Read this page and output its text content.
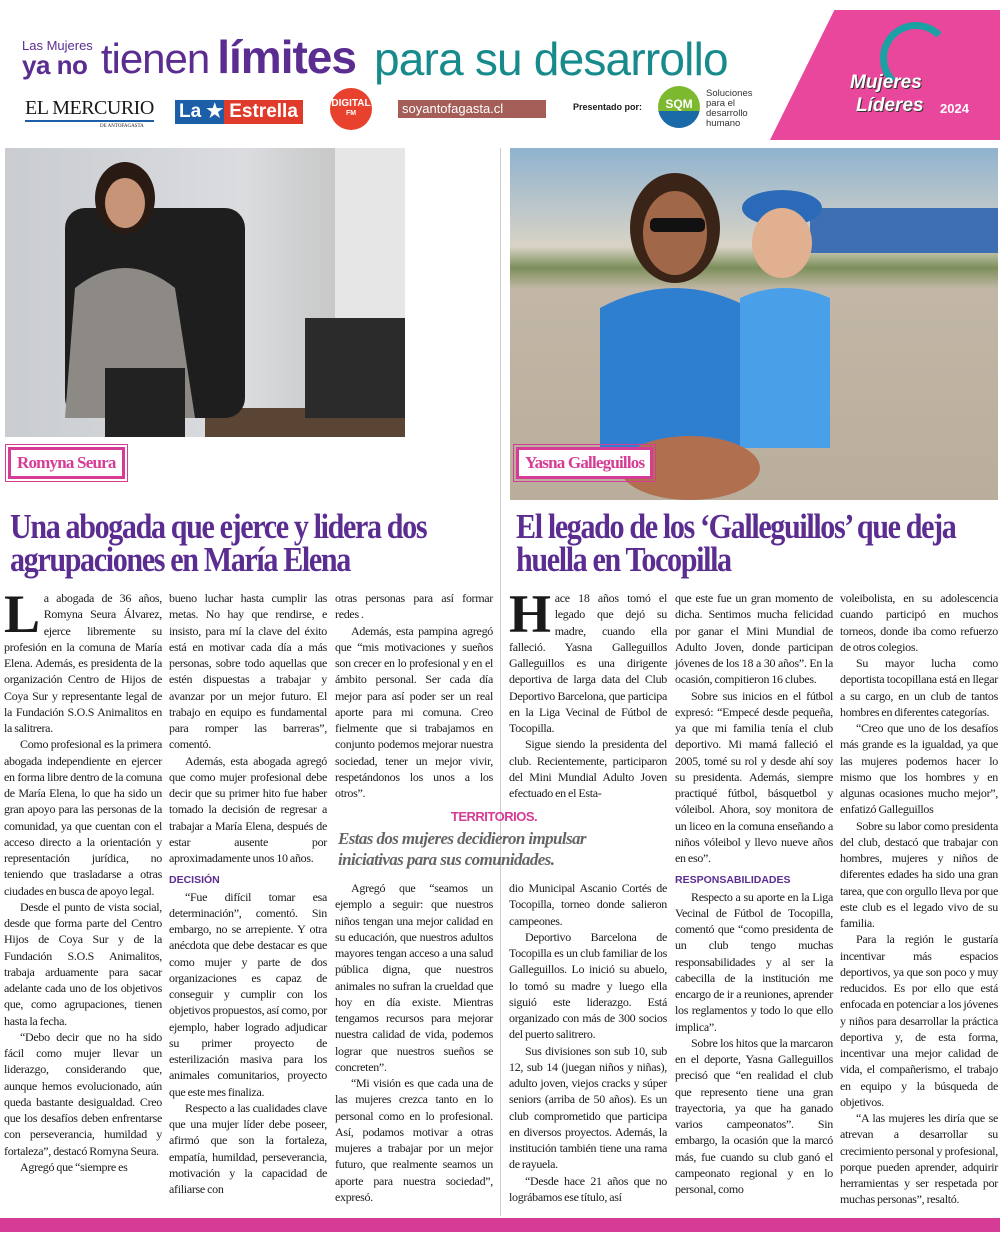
Las Mujeres
ya no tienen límites para su desarrollo
EL MERCURIO
DE ANTOFAGASTA
La ★ Estrella	DIGITAL
FM	soyantofagasta.cl	Presentado por:	SQM
Soluciones para el desarrollo humano
Mujeres
Líderes 2024
Romyna Seura	Yasna Galleguillos
Una abogada que ejerce y lidera dos agrupaciones en María Elena
El legado de los ‘Galleguillos’ que deja huella en Tocopilla

La abogada de 36 años, Romyna Seura Álvarez, ejerce libremente su profesión en la comuna de María Elena. Además, es presidenta de la organización Centro de Hijos de Coya Sur y representante legal de la Fundación S.O.S Animalitos en la salitrera.

Como profesional es la primera abogada independiente en ejercer en forma libre dentro de la comuna de María Elena, lo que ha sido un gran apoyo para las personas de la comunidad, ya que cuentan con el acceso directo a la orientación y representación jurídica, no teniendo que trasladarse a otras ciudades en busca de apoyo legal.

Desde el punto de vista social, desde que forma parte del Centro Hijos de Coya Sur y de la Fundación S.O.S Animalitos, trabaja arduamente para sacar adelante cada uno de los objetivos que, como agrupaciones, tienen hasta la fecha.

“Debo decir que no ha sido fácil como mujer llevar un liderazgo, considerando que, aunque hemos evolucionado, aún queda bastante desigualdad. Creo que los desafíos deben enfrentarse con perseverancia, humildad y fortaleza”, destacó Romyna Seura.

Agregó que “siempre es

bueno luchar hasta cumplir las metas. No hay que rendirse, e insisto, para mí la clave del éxito está en motivar cada día a más personas, sobre todo aquellas que estén dispuestas a trabajar y avanzar por un mejor futuro. El trabajo en equipo es fundamental para romper las barreras”, comentó.

Además, esta abogada agregó que como mujer profesional debe decir que su primer hito fue haber tomado la decisión de regresar a trabajar a María Elena, después de estar ausente por aproximadamente unos 10 años.

DECISIÓN

“Fue difícil tomar esa determinación”, comentó. Sin embargo, no se arrepiente. Y otra anécdota que debe destacar es que como mujer y parte de dos organizaciones es capaz de conseguir y cumplir con los objetivos propuestos, así como, por ejemplo, haber logrado adjudicar su primer proyecto de esterilización masiva para los animales comunitarios, proyecto que este mes finaliza.

Respecto a las cualidades clave que una mujer líder debe poseer, afirmó que son la fortaleza, empatía, humildad, perseverancia, motivación y la capacidad de afiliarse con

otras personas para así formar redes .

Además, esta pampina agregó que “mis motivaciones y sueños son crecer en lo profesional y en el ámbito personal. Ser cada día mejor para así poder ser un real aporte para mi comuna. Creo fielmente que si trabajamos en conjunto podemos mejorar nuestra sociedad, tener un mejor vivir, respetándonos los unos a los otros”.

Agregó que “seamos un ejemplo a seguir: que nuestros niños tengan una mejor calidad en su educación, que nuestros adultos mayores tengan acceso a una salud pública digna, que nuestros animales no sufran la crueldad que hoy en día existe. Mientras tengamos recursos para mejorar nuestra calidad de vida, podemos lograr que nuestros sueños se concreten”.

“Mi visión es que cada una de las mujeres crezca tanto en lo personal como en lo profesional. Así, podamos motivar a otras mujeres a trabajar por un mejor futuro, que realmente seamos un aporte para nuestra sociedad”, expresó.

Hace 18 años tomó el legado que dejó su madre, cuando ella falleció. Yasna Galleguillos Galleguillos es una dirigente deportiva de larga data del Club Deportivo Barcelona, que participa en la Liga Vecinal de Fútbol de Tocopilla.

Sigue siendo la presidenta del club. Recientemente, participaron del Mini Mundial Adulto Joven efectuado en el Esta-

dio Municipal Ascanio Cortés de Tocopilla, torneo donde salieron campeones.

Deportivo Barcelona de Tocopilla es un club familiar de los Galleguillos. Lo inició su abuelo, lo tomó su madre y luego ella siguió este liderazgo. Está organizado con más de 300 socios del puerto salitrero.

Sus divisiones son sub 10, sub 12, sub 14 (juegan niños y niñas), adulto joven, viejos cracks y súper seniors (arriba de 50 años). Es un club comprometido que participa en diversos proyectos. Además, la institución también tiene una rama de rayuela.

“Desde hace 21 años que no lográbamos ese título, así

que este fue un gran momento de dicha. Sentimos mucha felicidad por ganar el Mini Mundial de Adulto Joven, donde participan jóvenes de los 18 a 30 años”. En la ocasión, compitieron 16 clubes.

Sobre sus inicios en el fútbol expresó: “Empecé desde pequeña, ya que mi familia tenía el club deportivo. Mi mamá falleció el 2005, tomé su rol y desde ahí soy su presidenta. Además, siempre practiqué fútbol, básquetbol y vóleibol. Ahora, soy monitora de un liceo en la comuna enseñando a niños vóleibol y llevo nueve años en eso”.

RESPONSABILIDADES

Respecto a su aporte en la Liga Vecinal de Fútbol de Tocopilla, comentó que “como presidenta de un club tengo muchas responsabilidades y al ser la cabecilla de la institución me encargo de ir a reuniones, aprender los reglamentos y todo lo que ello implica”.

Sobre los hitos que la marcaron en el deporte, Yasna Galleguillos precisó que “en realidad el club que represento tiene una gran trayectoria, ya que ha ganado varios campeonatos”. Sin embargo, la ocasión que la marcó más, fue cuando su club ganó el campeonato regional y en lo personal, como

voleibolista, en su adolescencia cuando participó en muchos torneos, donde iba como refuerzo de otros colegios.

Su mayor lucha como deportista tocopillana está en llegar a su cargo, en un club de tantos hombres en diferentes categorías.

“Creo que uno de los desafíos más grande es la igualdad, ya que las mujeres podemos hacer lo mismo que los hombres y en algunas ocasiones mucho mejor”, enfatizó Galleguillos

Sobre su labor como presidenta del club, destacó que trabajar con hombres, mujeres y niños de diferentes edades ha sido una gran tarea, que con orgullo lleva por que este club es el legado vivo de su familia.

Para la región le gustaría incentivar más espacios deportivos, ya que son poco y muy reducidos. Es por ello que está enfocada en potenciar a los jóvenes y niños para desarrollar la práctica deportiva y, de esta forma, incentivar una mejor calidad de vida, el compañerismo, el trabajo en equipo y la búsqueda de objetivos.

“A las mujeres les diría que se atrevan a desarrollar su crecimiento personal y profesional, porque pueden aprender, adquirir herramientas y ser respetada por muchas personas”, resaltó.

TERRITORIOS.
Estas dos mujeres decidieron impulsar iniciativas para sus comunidades.
